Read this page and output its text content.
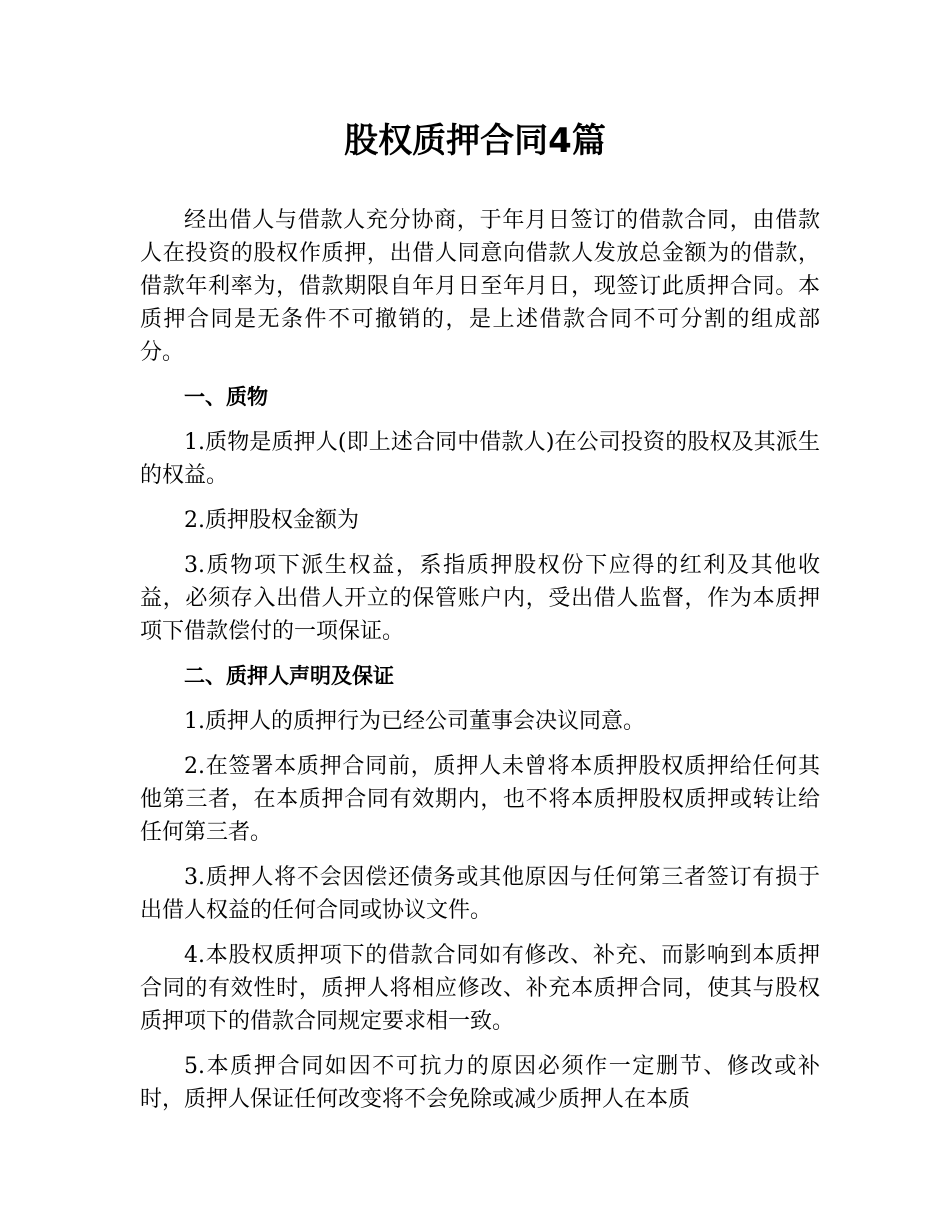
股权质押合同4篇

经出借人与借款人充分协商，于年月日签订的借款合同，由借款人在投资的股权作质押，出借人同意向借款人发放总金额为的借款，借款年利率为，借款期限自年月日至年月日，现签订此质押合同。本质押合同是无条件不可撤销的，是上述借款合同不可分割的组成部分。

一、质物

1.质物是质押人(即上述合同中借款人)在公司投资的股权及其派生的权益。

2.质押股权金额为

3.质物项下派生权益，系指质押股权份下应得的红利及其他收益，必须存入出借人开立的保管账户内，受出借人监督，作为本质押项下借款偿付的一项保证。

二、质押人声明及保证

1.质押人的质押行为已经公司董事会决议同意。

2.在签署本质押合同前，质押人未曾将本质押股权质押给任何其他第三者，在本质押合同有效期内，也不将本质押股权质押或转让给任何第三者。

3.质押人将不会因偿还债务或其他原因与任何第三者签订有损于出借人权益的任何合同或协议文件。

4.本股权质押项下的借款合同如有修改、补充、而影响到本质押合同的有效性时，质押人将相应修改、补充本质押合同，使其与股权质押项下的借款合同规定要求相一致。

5.本质押合同如因不可抗力的原因必须作一定删节、修改或补时，质押人保证任何改变将不会免除或减少质押人在本质
